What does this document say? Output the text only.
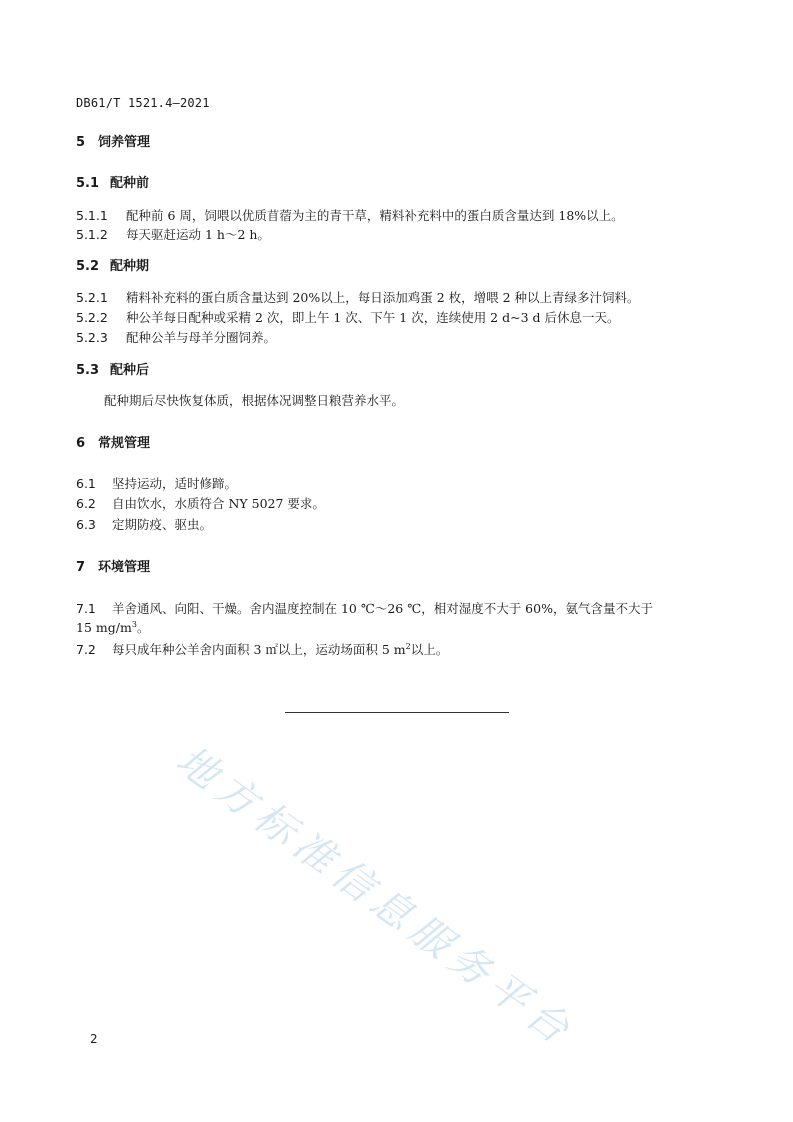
DB61/T 1521.4—2021
5 饲养管理
5.1 配种前
5.1.1 配种前 6 周，饲喂以优质苜蓿为主的青干草，精料补充料中的蛋白质含量达到 18%以上。
5.1.2 每天驱赶运动 1 h～2 h。
5.2 配种期
5.2.1 精料补充料的蛋白质含量达到 20%以上，每日添加鸡蛋 2 枚，增喂 2 种以上青绿多汁饲料。
5.2.2 种公羊每日配种或采精 2 次，即上午 1 次、下午 1 次，连续使用 2 d~3 d 后休息一天。
5.2.3 配种公羊与母羊分圈饲养。
5.3 配种后
配种期后尽快恢复体质，根据体况调整日粮营养水平。
6 常规管理
6.1 坚持运动，适时修蹄。
6.2 自由饮水，水质符合 NY 5027 要求。
6.3 定期防疫、驱虫。
7 环境管理
7.1 羊舍通风、向阳、干燥。舍内温度控制在 10 ℃～26 ℃，相对湿度不大于 60%，氨气含量不大于
15 $mg/m^3$。
7.2 每只成年种公羊舍内面积 3 ㎡以上，运动场面积 5 $m^2$以上。
地方标准信息服务平台
2
